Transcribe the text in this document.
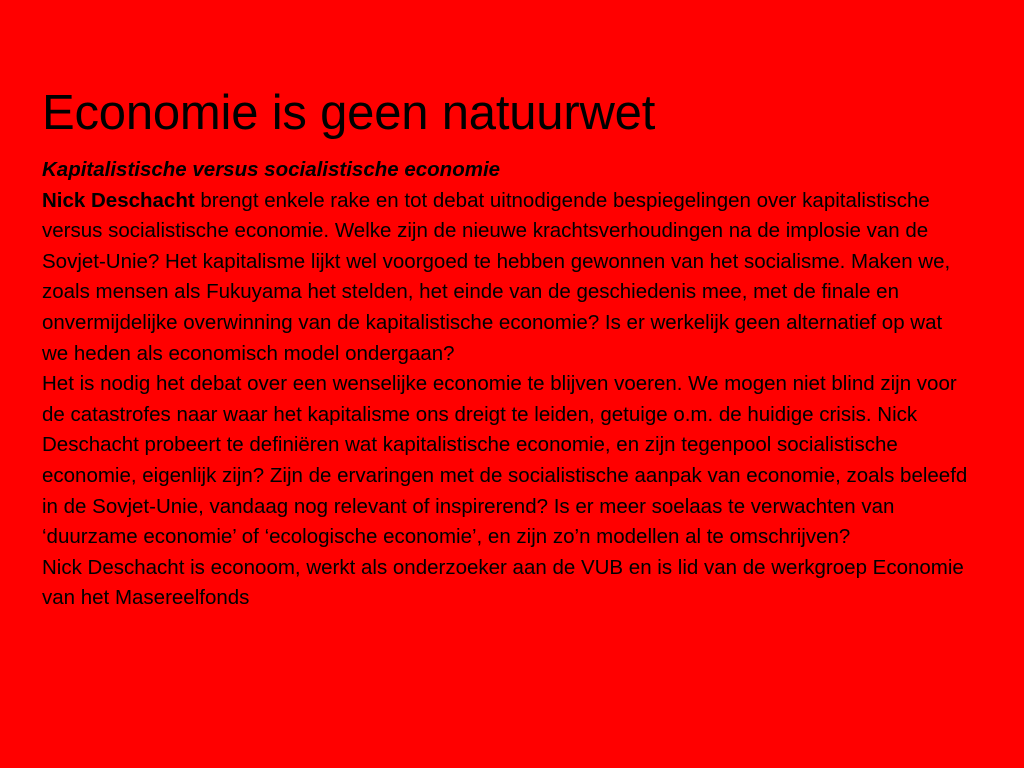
Economie is geen natuurwet

Kapitalistische versus socialistische economie

Nick Deschacht brengt enkele rake en tot debat uitnodigende bespiegelingen over kapitalistische versus socialistische economie. Welke zijn de nieuwe krachtsverhoudingen na de implosie van de Sovjet-Unie? Het kapitalisme lijkt wel voorgoed te hebben gewonnen van het socialisme. Maken we, zoals mensen als Fukuyama het stelden, het einde van de geschiedenis mee, met de finale en onvermijdelijke overwinning van de kapitalistische economie? Is er werkelijk geen alternatief op wat we heden als economisch model ondergaan?

Het is nodig het debat over een wenselijke economie te blijven voeren. We mogen niet blind zijn voor de catastrofes naar waar het kapitalisme ons dreigt te leiden, getuige o.m. de huidige crisis. Nick Deschacht probeert te definiëren wat kapitalistische economie, en zijn tegenpool socialistische economie, eigenlijk zijn? Zijn de ervaringen met de socialistische aanpak van economie, zoals beleefd in de Sovjet-Unie, vandaag nog relevant of inspirerend? Is er meer soelaas te verwachten van ‘duurzame economie’ of ‘ecologische economie’, en zijn zo’n modellen al te omschrijven?

Nick Deschacht is econoom, werkt als onderzoeker aan de VUB en is lid van de werkgroep Economie van het Masereelfonds
